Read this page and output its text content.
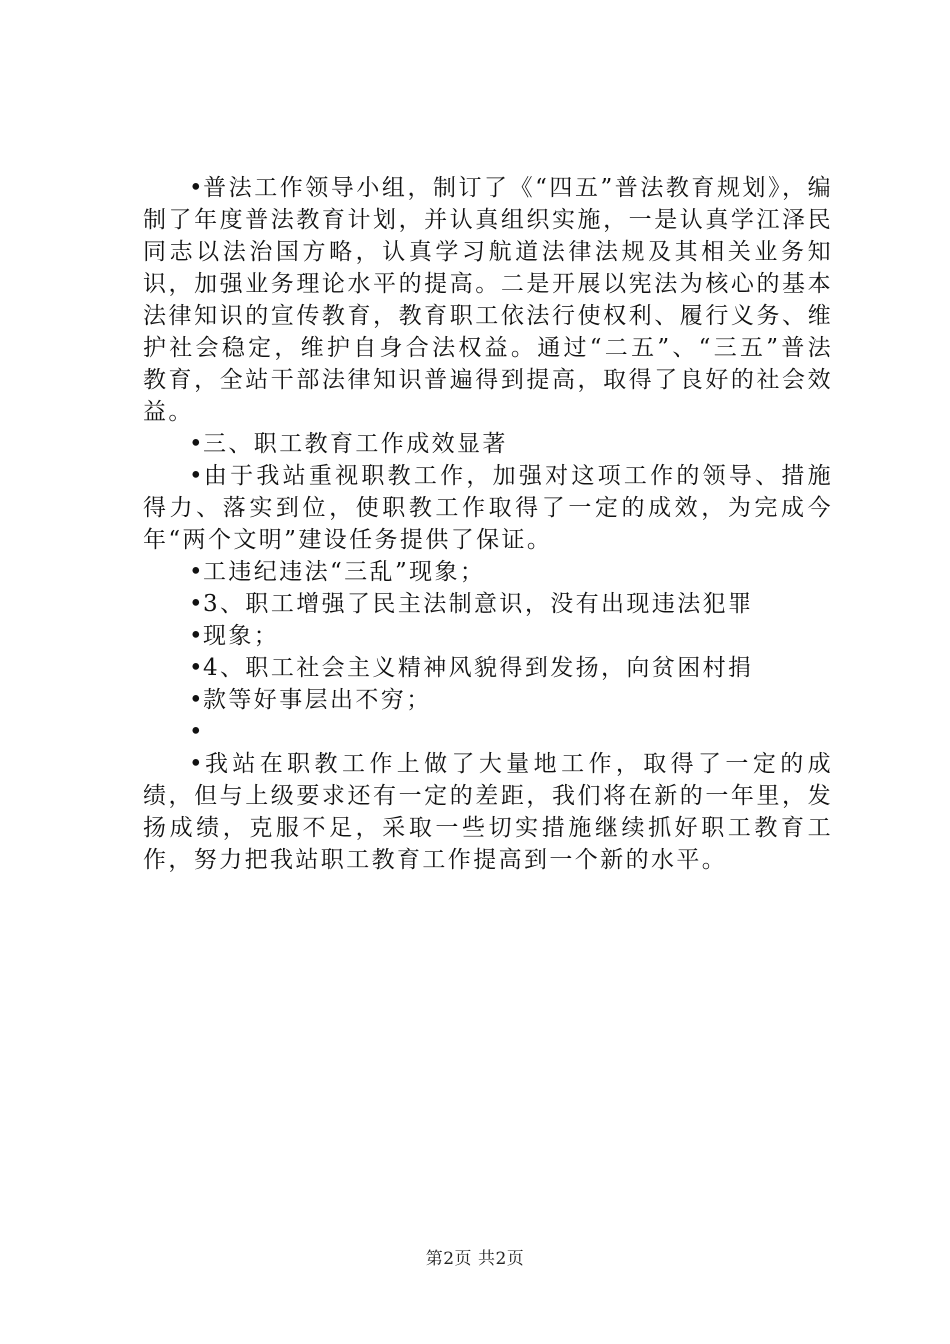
•普法工作领导小组，制订了《“四五”普法教育规划》，编制了年度普法教育计划，并认真组织实施，一是认真学江泽民同志以法治国方略，认真学习航道法律法规及其相关业务知识，加强业务理论水平的提高。二是开展以宪法为核心的基本法律知识的宣传教育，教育职工依法行使权利、履行义务、维护社会稳定，维护自身合法权益。通过“二五”、“三五”普法教育，全站干部法律知识普遍得到提高，取得了良好的社会效益。

•三、职工教育工作成效显著

•由于我站重视职教工作，加强对这项工作的领导、措施得力、落实到位，使职教工作取得了一定的成效，为完成今年“两个文明”建设任务提供了保证。

•工违纪违法“三乱”现象；

•3、职工增强了民主法制意识，没有出现违法犯罪

•现象；

•4、职工社会主义精神风貌得到发扬，向贫困村捐

•款等好事层出不穷；

•

•我站在职教工作上做了大量地工作，取得了一定的成绩，但与上级要求还有一定的差距，我们将在新的一年里，发扬成绩，克服不足，采取一些切实措施继续抓好职工教育工作，努力把我站职工教育工作提高到一个新的水平。

第2页 共2页
